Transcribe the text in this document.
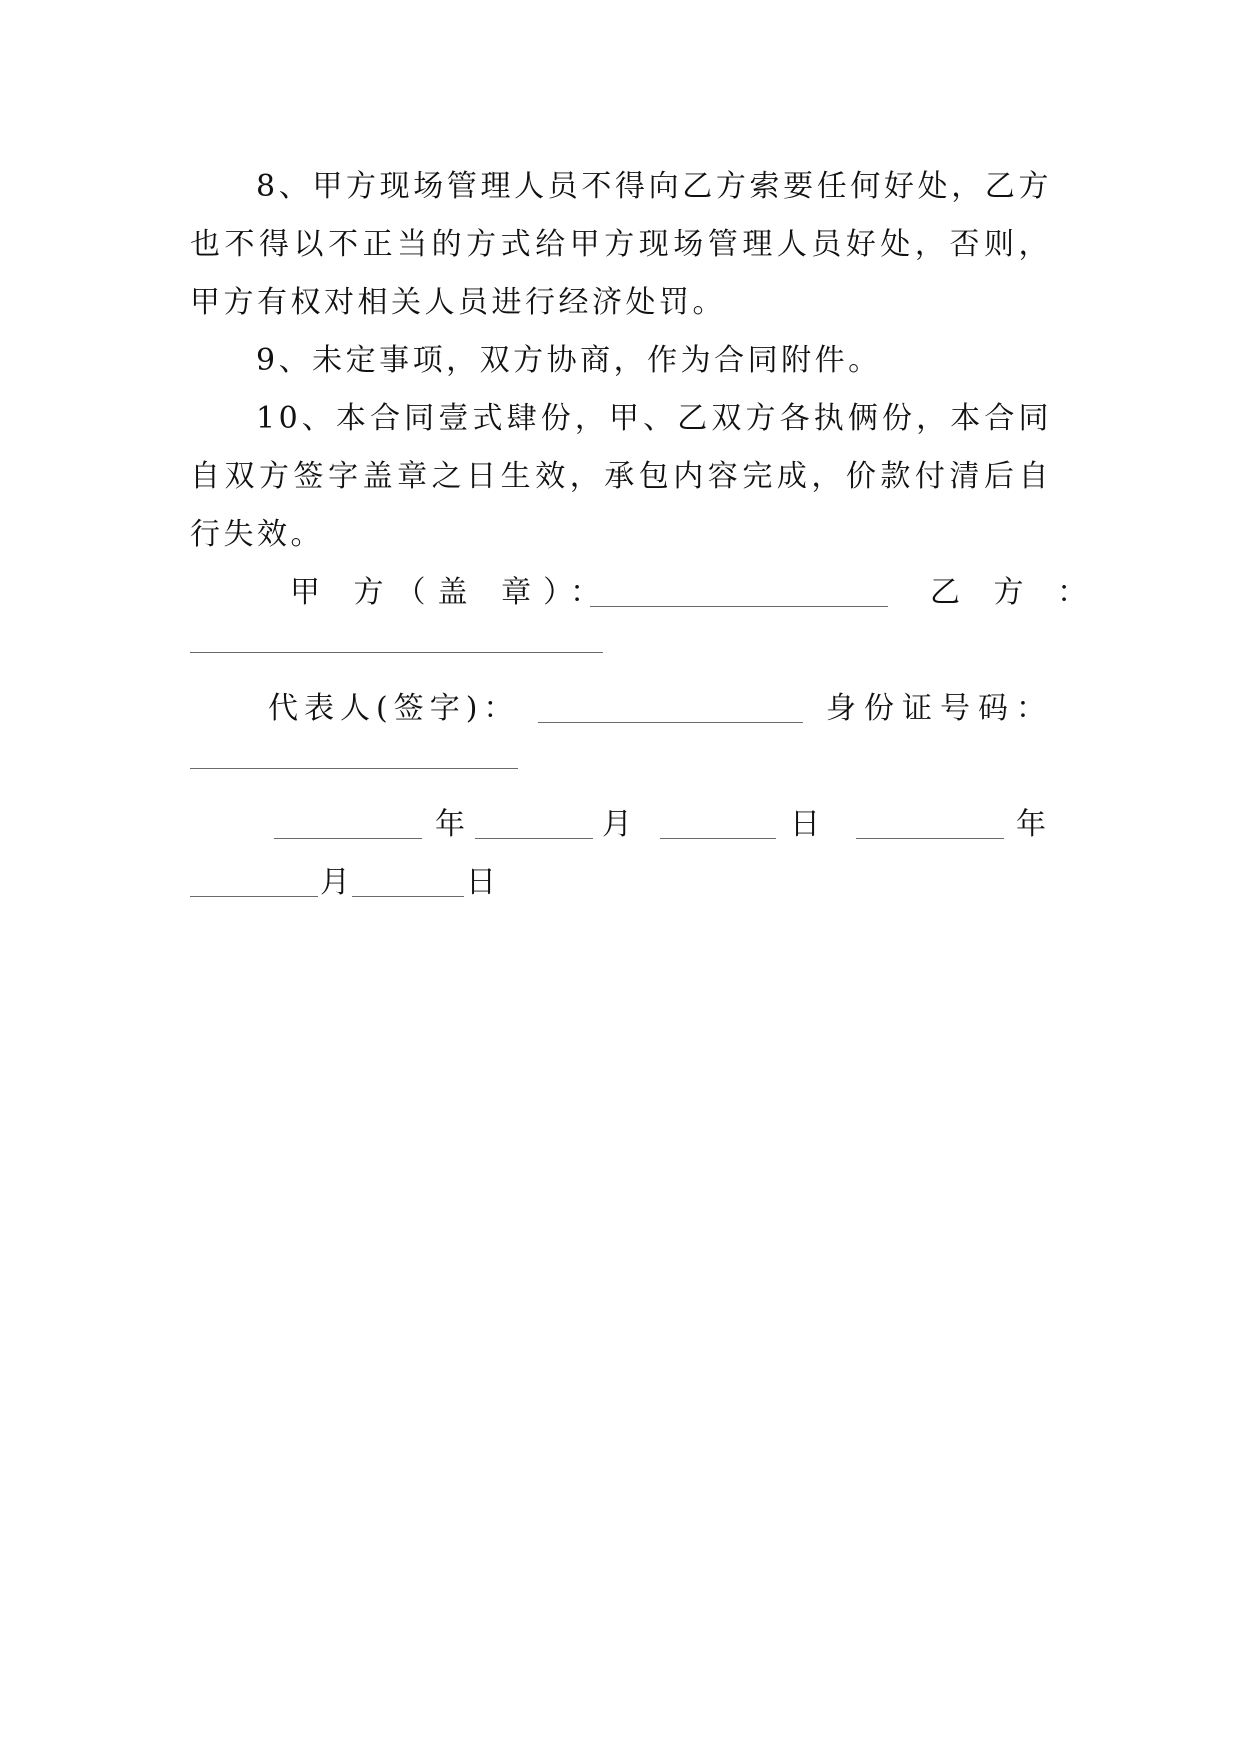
8、甲方现场管理人员不得向乙方索要任何好处，乙方也不得以不正当的方式给甲方现场管理人员好处，否则，甲方有权对相关人员进行经济处罚。

9、未定事项，双方协商，作为合同附件。

10、本合同壹式肆份，甲、乙双方各执俩份，本合同自双方签字盖章之日生效，承包内容完成，价款付清后自行失效。

甲 方（盖 章）：	乙 方 ：
代表人(签字)：	身份证号码：
年	月	日	年
月	日
